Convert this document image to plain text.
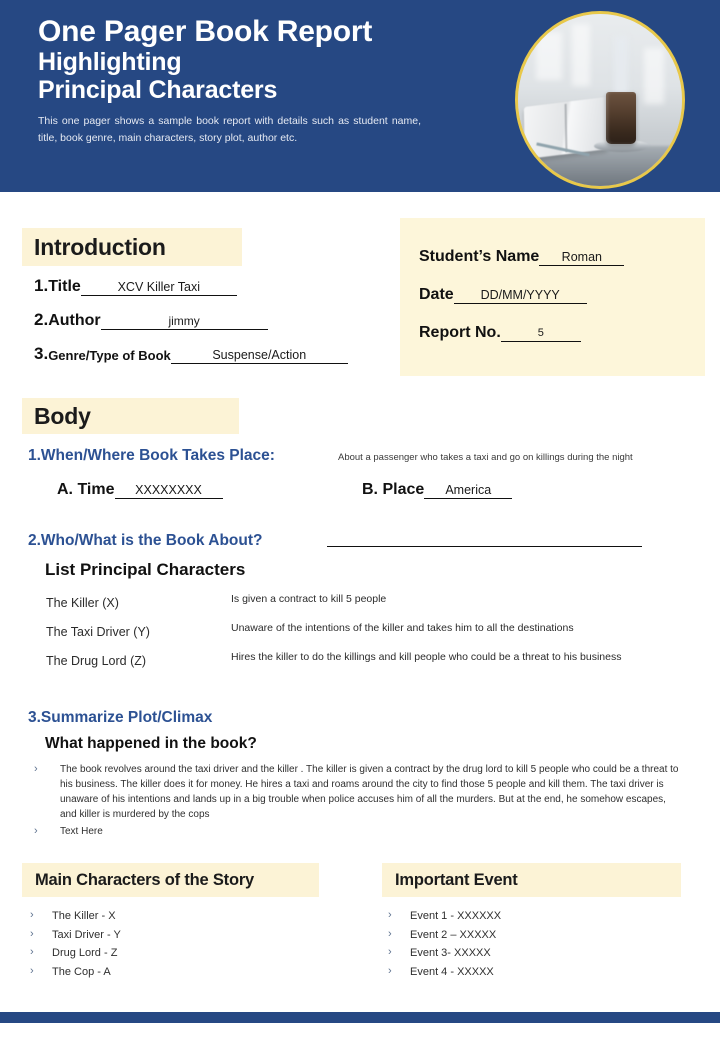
One Pager Book Report
Highlighting
Principal Characters
This one pager shows a sample book report with details such as student name, title, book genre, main characters, story plot, author etc.
Introduction
1. Title	XCV Killer Taxi
2. Author	jimmy
3. Genre/Type of Book	Suspense/Action
Student’s Name	Roman
Date	DD/MM/YYYY
Report No.	5
Body
1.When/Where Book Takes Place:	About a passenger who takes a taxi and go on killings during the night
A. Time	XXXXXXXX	B. Place	America
2.Who/What is the Book About?
List Principal Characters
The Killer (X)	Is given a contract to kill 5 people
The Taxi Driver (Y)	Unaware of the intentions of the killer and takes him to all the destinations
The Drug Lord (Z)	Hires the killer to do the killings and kill people who could be a threat to his business
3.Summarize Plot/Climax
What happened in the book?
›	The book revolves around the taxi driver and the killer . The killer is given a contract by the drug lord to kill 5 people who could be a threat to his business. The killer does it for money. He hires a taxi and roams around the city to find those 5 people and kill them. The taxi driver is unaware of his intentions and lands up in a big trouble when police accuses him of all the murders. But at the end, he somehow escapes, and killer is murdered by the cops
›	Text Here
Main Characters of the Story
›	The Killer - X
›	Taxi Driver - Y
›	Drug Lord - Z
›	The Cop - A
Important Event
›	Event 1 - XXXXXX
›	Event 2 – XXXXX
›	Event 3- XXXXX
›	Event 4 - XXXXX
